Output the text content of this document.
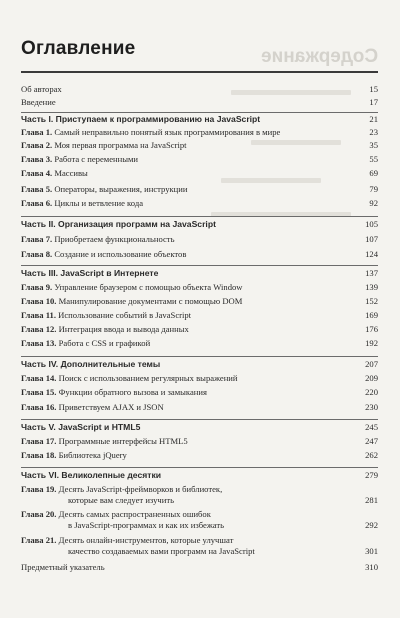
Содержание
Оглавление
Об авторах	15
Введение	17
Часть I. Приступаем к программированию на JavaScript	21
Глава 1. Самый неправильно понятый язык программирования в мире	23
Глава 2. Моя первая программа на JavaScript	35
Глава 3. Работа с переменными	55
Глава 4. Массивы	69
Глава 5. Операторы, выражения, инструкции	79
Глава 6. Циклы и ветвление кода	92
Часть II. Организация программ на JavaScript	105
Глава 7. Приобретаем функциональность	107
Глава 8. Создание и использование объектов	124
Часть III. JavaScript в Интернете	137
Глава 9. Управление браузером с помощью объекта Window	139
Глава 10. Манипулирование документами с помощью DOM	152
Глава 11. Использование событий в JavaScript	169
Глава 12. Интеграция ввода и вывода данных	176
Глава 13. Работа с CSS и графикой	192
Часть IV. Дополнительные темы	207
Глава 14. Поиск с использованием регулярных выражений	209
Глава 15. Функции обратного вызова и замыкания	220
Глава 16. Приветствуем AJAX и JSON	230
Часть V. JavaScript и HTML5	245
Глава 17. Программные интерфейсы HTML5	247
Глава 18. Библиотека jQuery	262
Часть VI. Великолепные десятки	279
Глава 19. Десять JavaScript-фреймворков и библиотек,
которые вам следует изучить	281
Глава 20. Десять самых распространенных ошибок
в JavaScript-программах и как их избежать	292
Глава 21. Десять онлайн-инструментов, которые улучшат
качество создаваемых вами программ на JavaScript	301
Предметный указатель	310
